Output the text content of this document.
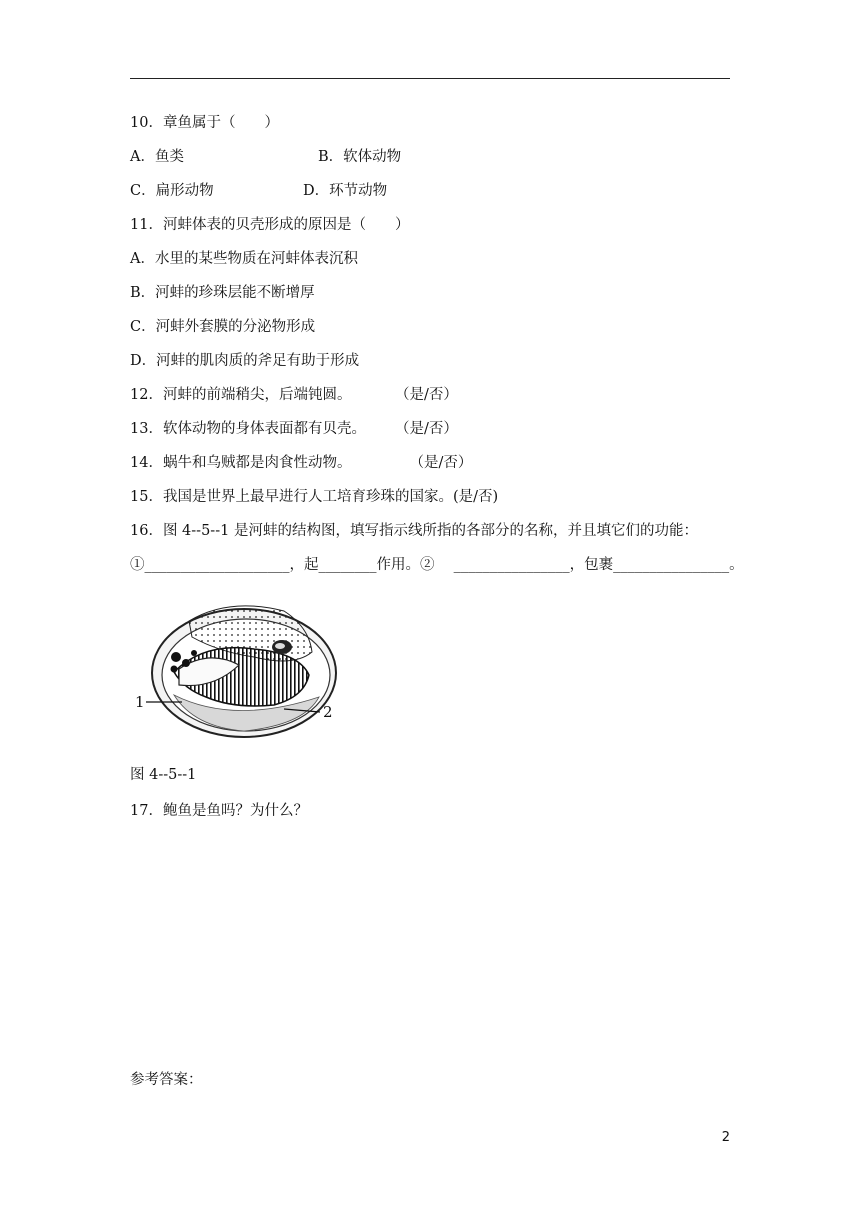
10．章鱼属于（　　）
A．鱼类	B．软体动物
C．扁形动物	D．环节动物
11．河蚌体表的贝壳形成的原因是（　　）
A．水里的某些物质在河蚌体表沉积
B．河蚌的珍珠层能不断增厚
C．河蚌外套膜的分泌物形成
D．河蚌的肌肉质的斧足有助于形成
12．河蚌的前端稍尖，后端钝圆。　　　　（是/否）
13．软体动物的身体表面都有贝壳。　　　（是/否）
14．蜗牛和乌贼都是肉食性动物。　　　　　（是/否）
15．我国是世界上最早进行人工培育珍珠的国家。(是/否)
16．图 4--5--1 是河蚌的结构图，填写指示线所指的各部分的名称，并且填它们的功能：
①____________________，起________作用。②　 ________________，包裹________________。
1
2
图 4--5--1
17．鲍鱼是鱼吗？为什么？
参考答案：
2
